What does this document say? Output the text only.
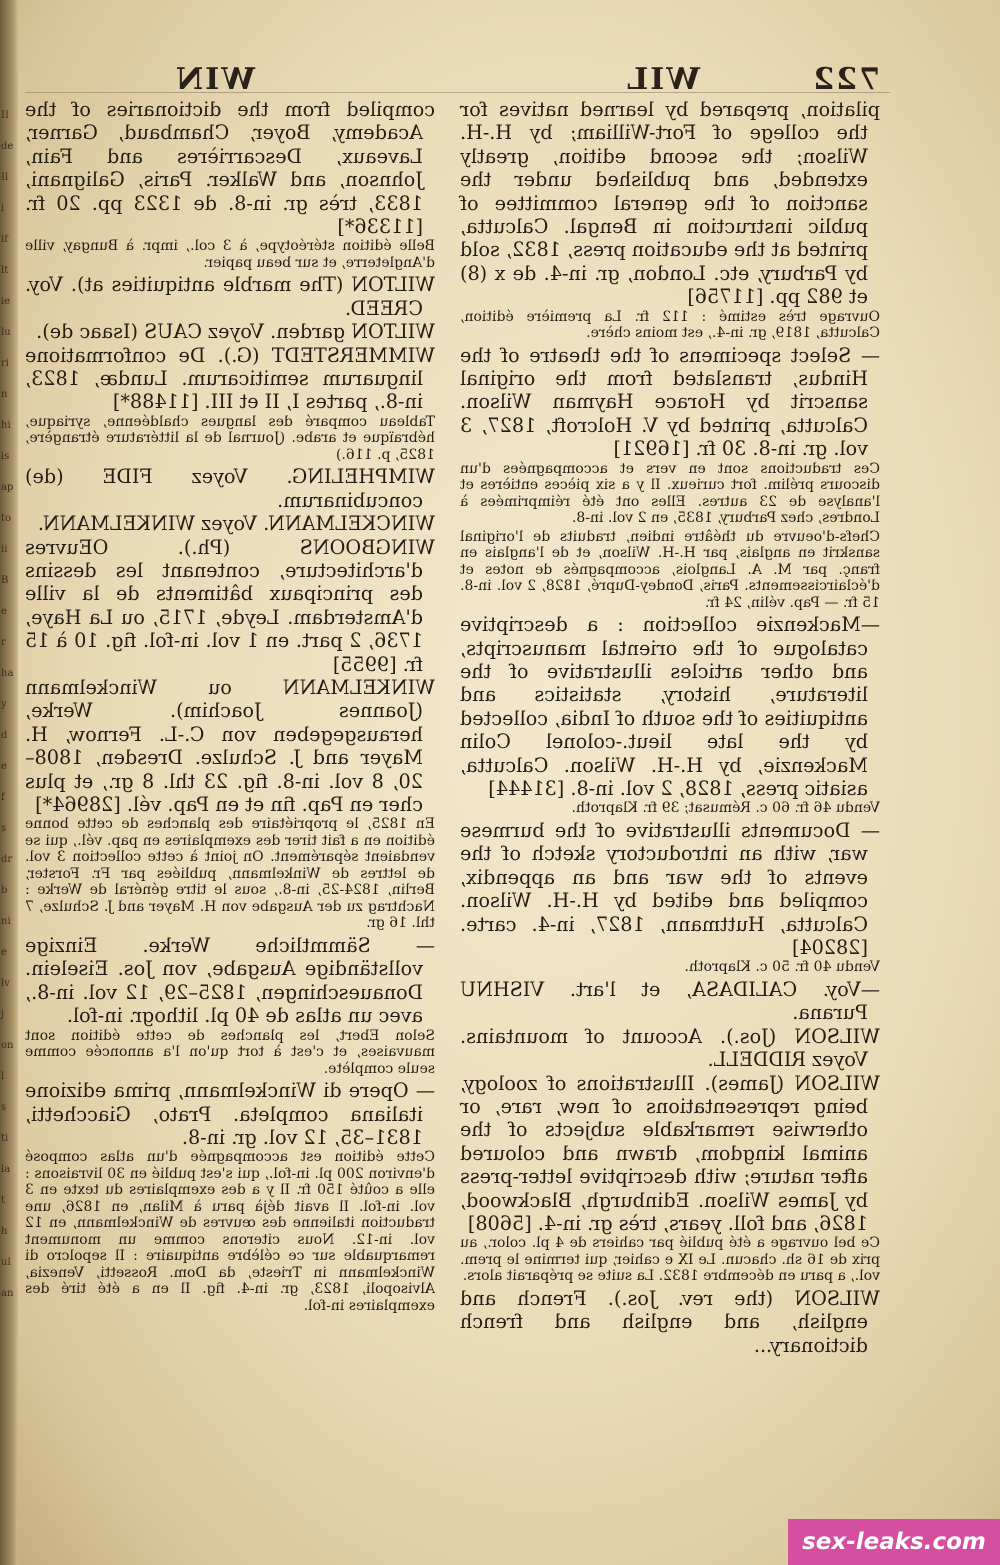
II
de
Il
i
if
lt
ie
lu
ri
n
hi
is
ap
to
ii
B
e
r
ha
y
d
e
f
s
dr
b
ni
e
lv
j
on
l
s
ti
la
t
h
ul
an
722
WIL
WIN

pilation, prepared by learned natives for the college of Fort-William; by H.-H. Wilson; the second edition, greatly extended, and published under the sanction of the general committee of public instruction in Bengal. Calcutta, printed at the education press, 1832, sold by Parbury, etc. London, gr. in-4. de x (8) et 982 pp. [11756]

Ouvrage très estimé : 112 fr. La première édition, Calcutta, 1819, gr. in-4., est moins chère.

— Select specimens of the theatre of the Hindus, translated from the original sanscrit by Horace Hayman Wilson. Calcutta, printed by V. Holcroft, 1827, 3 vol. gr. in-8. 30 fr. [16921]

Ces traductions sont en vers et accompagnées d'un discours prélim. fort curieux. Il y a six pièces entières et l'analyse de 23 autres. Elles ont été réimprimées à Londres, chez Parbury, 1835, en 2 vol. in-8.

Chefs-d'oeuvre du théâtre indien, traduits de l'original sanskrit en anglais, par H.-H. Wilson, et de l'anglais en franç. par M. A. Langlois, accompagnés de notes et d'éclaircissements. Paris, Dondey-Dupré, 1828, 2 vol. in-8. 15 fr. — Pap. vélin, 24 fr.

—Mackenzie collection : a descriptive catalogue of the oriental manuscripts, and other articles illustrative of the literature, history, statistics and antiquities of the south of India, collected by the late lieut.-colonel Colin Mackenzie, by H.-H. Wilson. Calcutta, asiatic press, 1828, 2 vol. in-8. [31444]

Vendu 46 fr. 60 c. Rémusat; 39 fr. Klaproth.

— Documents illustrative of the burmese war, with an introductory sketch of the events of the war and an appendix, compiled and edited by H.-H. Wilson. Calcutta, Huttmann, 1827, in-4. carte. [28204]

Vendu 40 fr. 50 c. Klaproth.

—Voy. CALIDASA, et l'art. VISHNU Purana.

WILSON (Jos.). Account of mountains. Voyez RIDDELL.

WILSON (James). Illustrations of zoology, being representations of new, rare, or otherwise remarkable subjects of the animal kingdom, drawn and coloured after nature; with descriptive letter-press by James Wilson. Edinburgh, Blackwood, 1826, and foll. years, très gr. in-4. [5608]

Ce bel ouvrage a été publié par cahiers de 4 pl. color., au prix de 16 sh. chacun. Le IX e cahier, qui termine le prem. vol., a paru en décembre 1832. La suite se préparait alors.

WILSON (the rev. Jos.). French and english, and english and french dictionary...

compiled from the dictionaries of the Academy, Boyer, Chambaud, Garner, Laveaux, Descarrières and Fain, Johnson, and Walker. Paris, Galignani, 1833, très gr. in-8. de 1323 pp. 20 fr. [11336*]

Belle édition stéréotype, à 3 col., impr. à Bungay, ville d'Angleterre, et sur beau papier.

WILTON (The marble antiquities at). Voy. CREED.

WILTON garden. Voyez CAUS (Isaac de).

WIMMERSTEDT (G.). De conformatione linguarum semiticarum. Lundæ, 1823, in-8., partes I, II et III. [11488*]

Tableau comparé des langues chaldéenne, syriaque, hébraïque et arabe. (Journal de la littérature étrangère, 1825, p. 116.)

WIMPHELING. Voyez FIDE (de) concubinarum.

WINCKELMANN. Voyez WINKELMANN.

WINGBOONS (Ph.). OEuvres d'architecture, contenant les dessins des principaux bâtiments de la ville d'Amsterdam. Leyde, 1715, ou La Haye, 1736, 2 part. en 1 vol. in-fol. fig. 10 à 15 fr. [9955]

WINKELMANN ou Winckelmann (Joannes Joachim). Werke, herausgegeben von C.-L. Fernow, H. Mayer and J. Schulze. Dresden, 1808–20, 8 vol. in-8. fig. 23 thl. 8 gr., et plus cher en Pap. fin et en Pap. vél. [28964*]

En 1825, le propriétaire des planches de cette bonne édition en a fait tirer des exemplaires en pap. vél., qui se vendaient séparément. On joint à cette collection 3 vol. de lettres de Winkelmann, publiées par Fr. Forster, Berlin, 1824-25, in-8., sous le titre général de Werke : Nachtrag zu der Ausgabe von H. Mayer and J. Schulze, 7 thl. 16 gr.

— Sämmtliche Werke. Einzige vollständige Ausgabe, von Jos. Eiselein. Donaueschingen, 1825–29, 12 vol. in-8., avec un atlas de 40 pl. lithogr. in-fol.

Selon Ebert, les planches de cette édition sont mauvaises, et c'est à tort qu'on l'a annoncée comme seule complète.

— Opere di Winckelmann, prima edizione italiana completa. Prato, Giacchetti, 1831–35, 12 vol. gr. in-8.

Cette édition est accompagnée d'un atlas composé d'environ 200 pl. in-fol., qui s'est publié en 30 livraisons : elle a coûté 150 fr. Il y a des exemplaires du texte en 3 vol. in-fol. Il avait déjà paru à Milan, en 1826, une traduction italienne des œuvres de Winckelmann, en 12 vol. in-12. Nous citerons comme un monument remarquable sur ce célèbre antiquaire : Il sepolcro di Winckelmann in Trieste, da Dom. Rossetti, Venezia, Alvisopoli, 1823, gr. in-4. fig. Il en a été tiré des exemplaires in-fol.

sex-leaks.com
